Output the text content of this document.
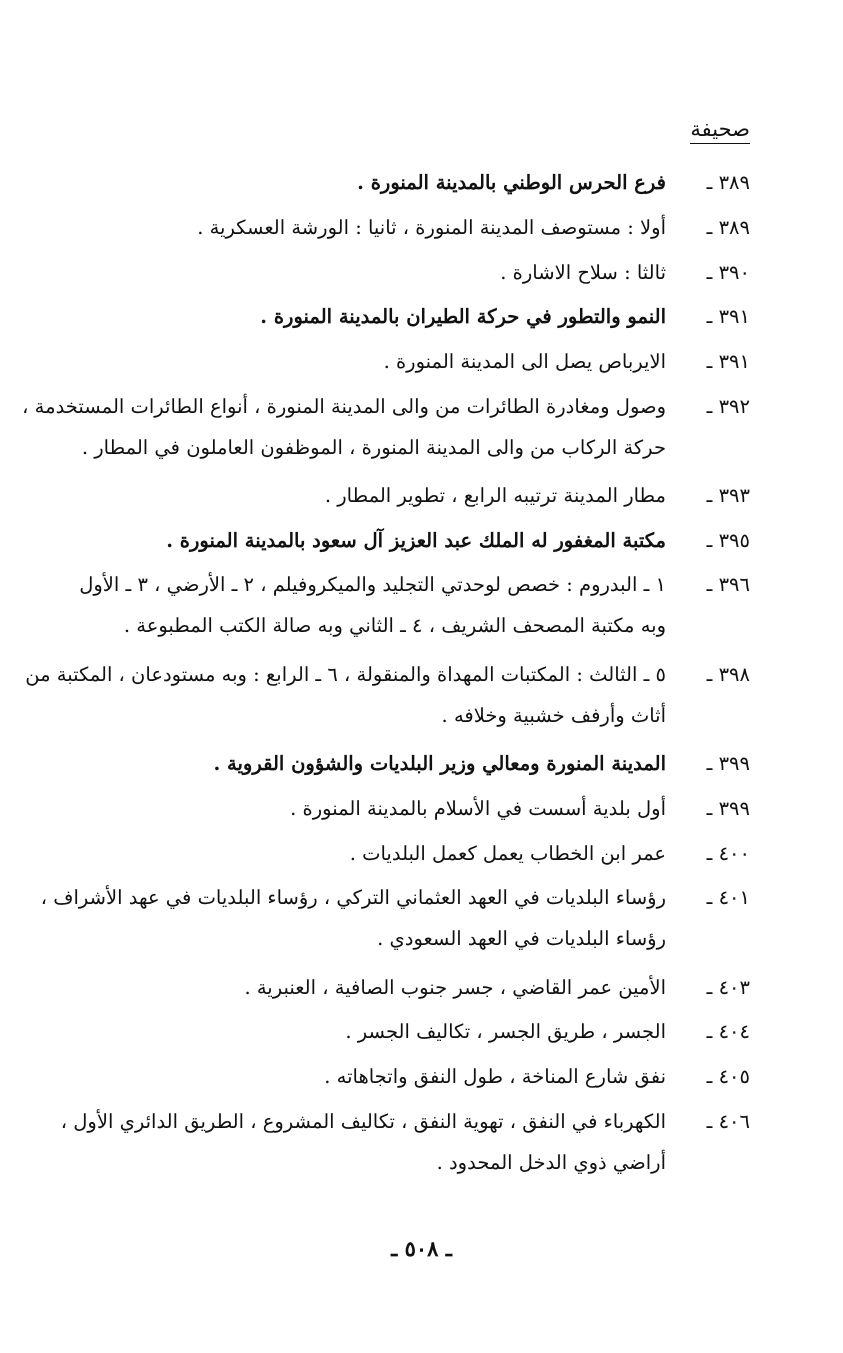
صحيفة
٣٨٩ ـ
فرع الحرس الوطني بالمدينة المنورة .
٣٨٩ ـ
أولا : مستوصف المدينة المنورة ، ثانيا : الورشة العسكرية .
٣٩٠ ـ
ثالثا : سلاح الاشارة .
٣٩١ ـ
النمو والتطور في حركة الطيران بالمدينة المنورة .
٣٩١ ـ
الايرباص يصل الى المدينة المنورة .
٣٩٢ ـ
وصول ومغادرة الطائرات من والى المدينة المنورة ، أنواع الطائرات المستخدمة ،
حركة الركاب من والى المدينة المنورة ، الموظفون العاملون في المطار .
٣٩٣ ـ
مطار المدينة ترتيبه الرابع ، تطوير المطار .
٣٩٥ ـ
مكتبة المغفور له الملك عبد العزيز آل سعود بالمدينة المنورة .
٣٩٦ ـ
١ ـ البدروم : خصص لوحدتي التجليد والميكروفيلم ، ٢ ـ الأرضي ، ٣ ـ الأول
وبه مكتبة المصحف الشريف ، ٤ ـ الثاني وبه صالة الكتب المطبوعة .
٣٩٨ ـ
٥ ـ الثالث : المكتبات المهداة والمنقولة ، ٦ ـ الرابع : وبه مستودعان ، المكتبة من
أثاث وأرفف خشبية وخلافه .
٣٩٩ ـ
المدينة المنورة ومعالي وزير البلديات والشؤون القروية .
٣٩٩ ـ
أول بلدية أسست في الأسلام بالمدينة المنورة .
٤٠٠ ـ
عمر ابن الخطاب يعمل كعمل البلديات .
٤٠١ ـ
رؤساء البلديات في العهد العثماني التركي ، رؤساء البلديات في عهد الأشراف ،
رؤساء البلديات في العهد السعودي .
٤٠٣ ـ
الأمين عمر القاضي ، جسر جنوب الصافية ، العنبرية .
٤٠٤ ـ
الجسر ، طريق الجسر ، تكاليف الجسر .
٤٠٥ ـ
نفق شارع المناخة ، طول النفق واتجاهاته .
٤٠٦ ـ
الكهرباء في النفق ، تهوية النفق ، تكاليف المشروع ، الطريق الدائري الأول ،
أراضي ذوي الدخل المحدود .
ـ ٥٠٨ ـ
